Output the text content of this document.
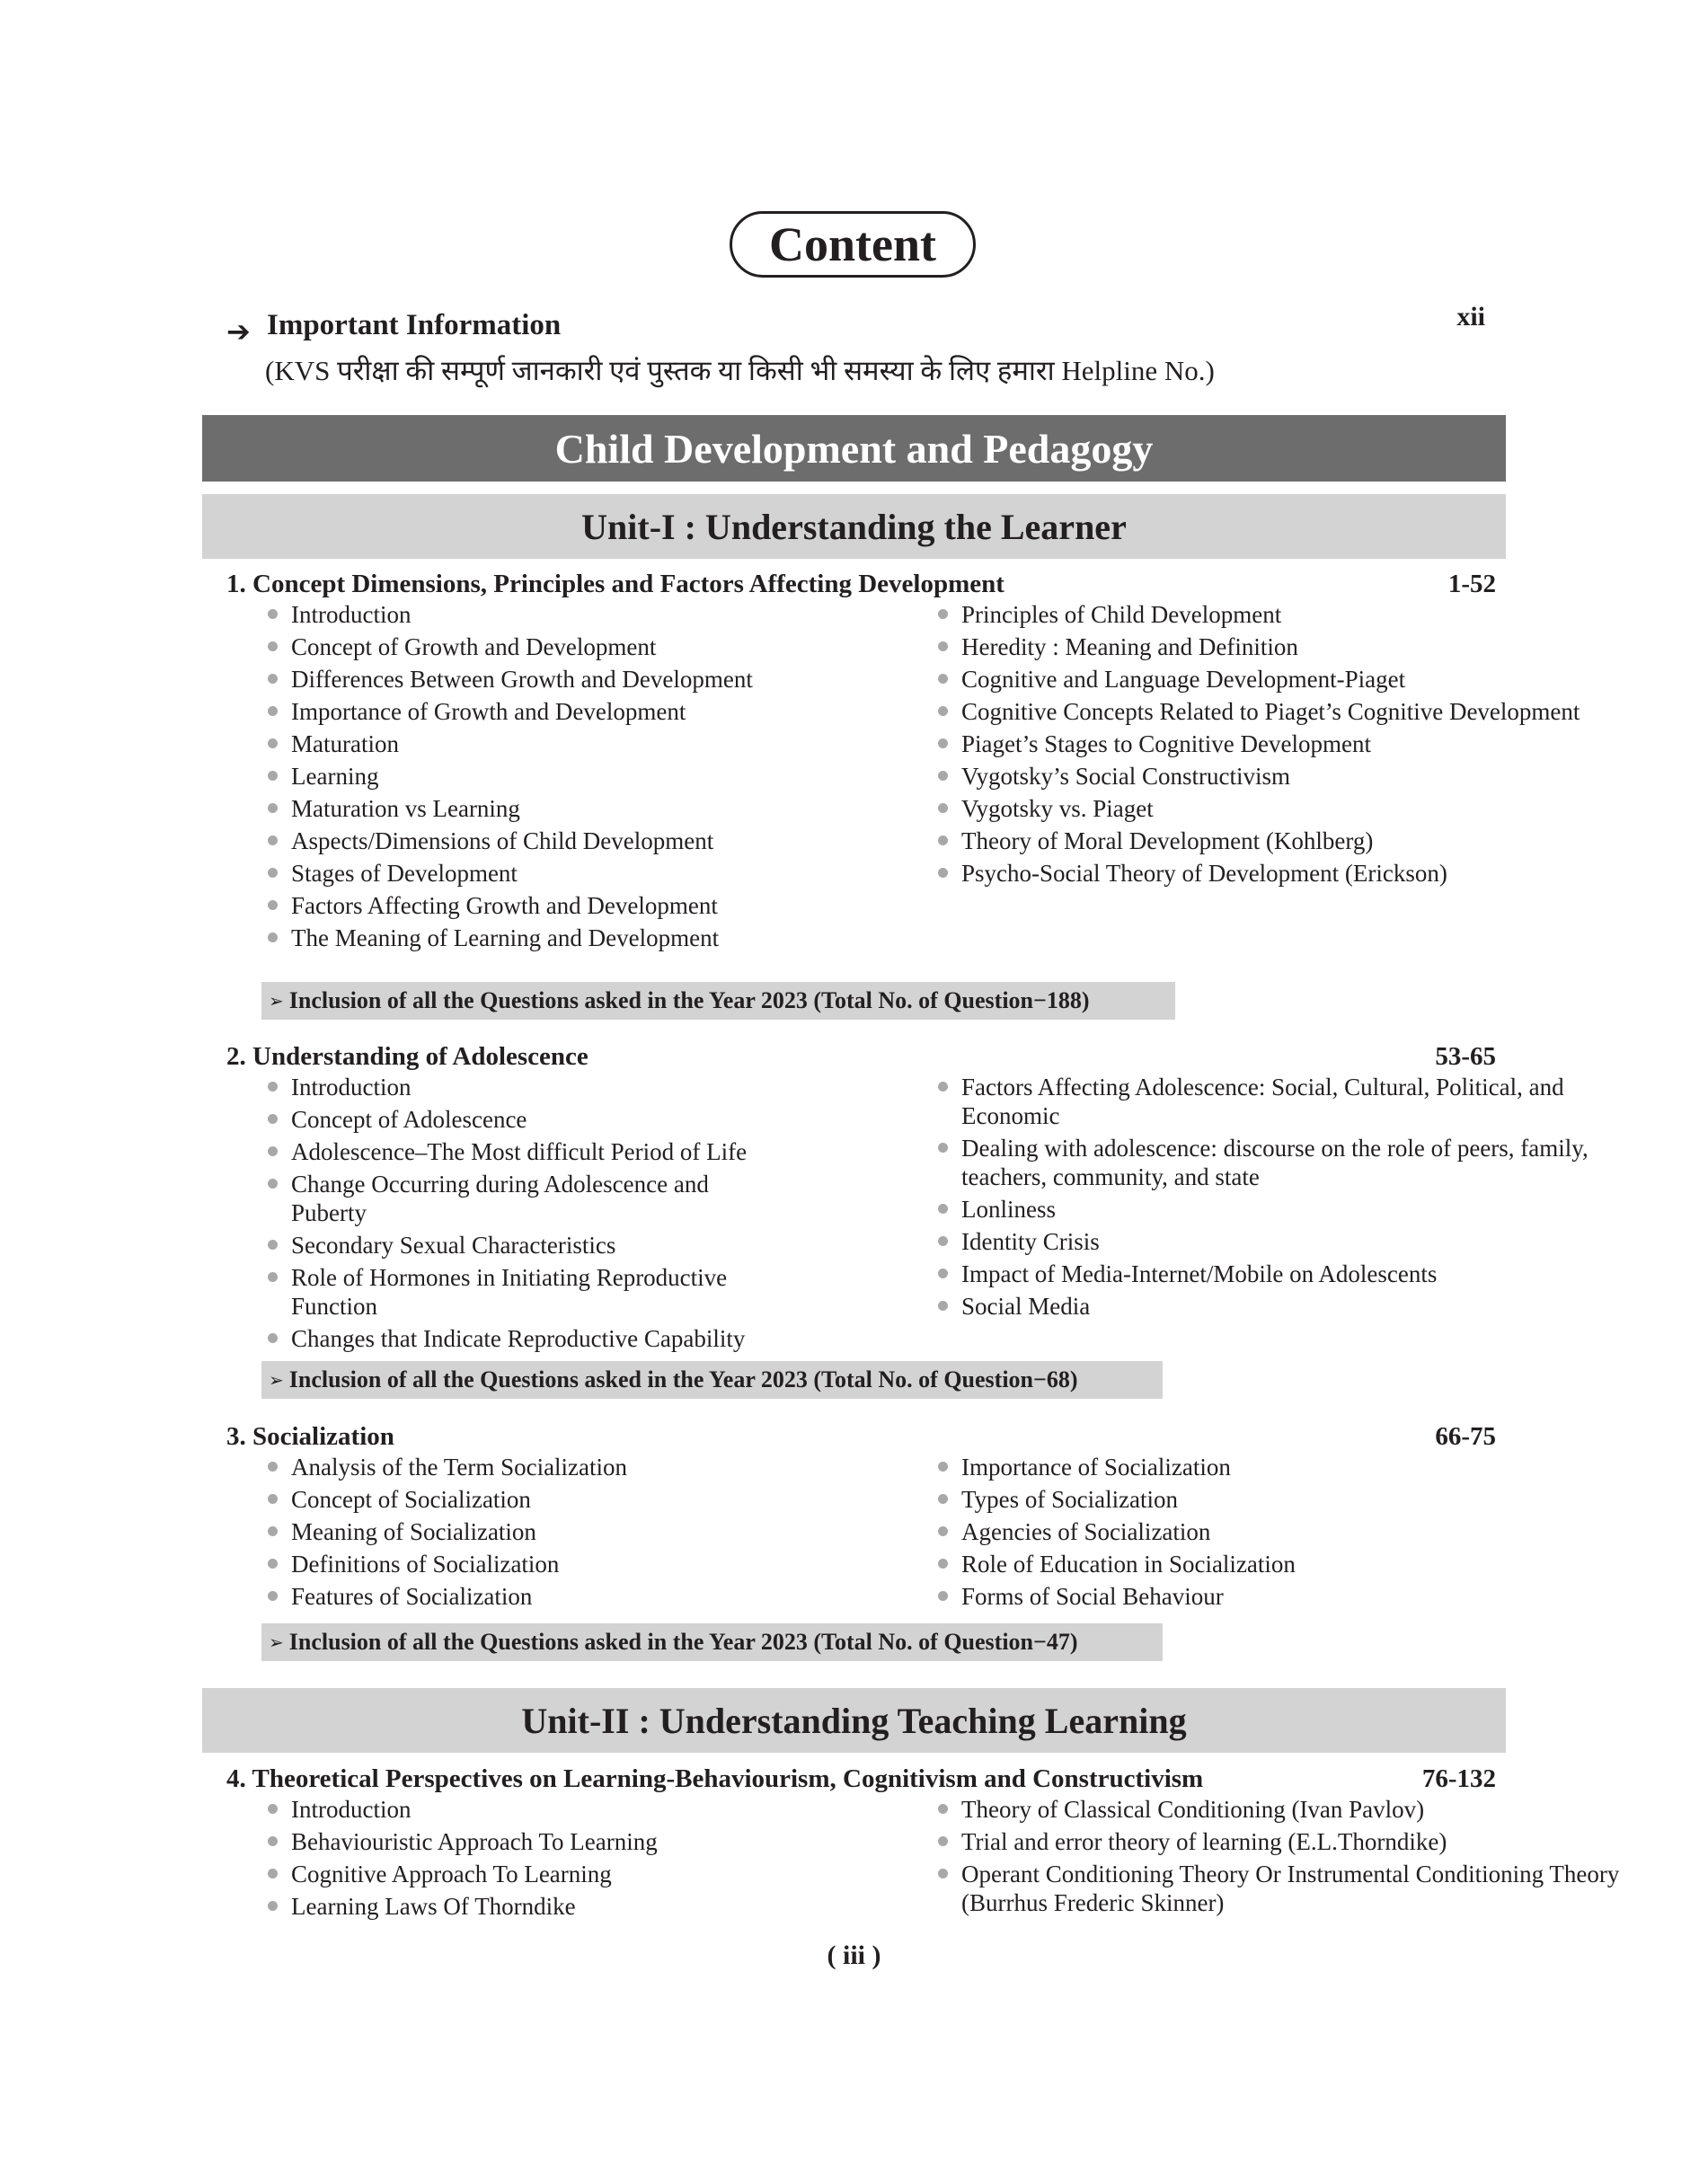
Content
➔ Important Information	xii
(KVS परीक्षा की सम्पूर्ण जानकारी एवं पुस्तक या किसी भी समस्या के लिए हमारा Helpline No.)
Child Development and Pedagogy
Unit-I : Understanding the Learner
1. Concept Dimensions, Principles and Factors Affecting Development	1-52
Introduction
Concept of Growth and Development
Differences Between Growth and Development
Importance of Growth and Development
Maturation
Learning
Maturation vs Learning
Aspects/Dimensions of Child Development
Stages of Development
Factors Affecting Growth and Development
The Meaning of Learning and Development
Principles of Child Development
Heredity : Meaning and Definition
Cognitive and Language Development-Piaget
Cognitive Concepts Related to Piaget’s Cognitive Development
Piaget’s Stages to Cognitive Development
Vygotsky’s Social Constructivism
Vygotsky vs. Piaget
Theory of Moral Development (Kohlberg)
Psycho-Social Theory of Development (Erickson)
➢ Inclusion of all the Questions asked in the Year 2023 (Total No. of Question−188)
2. Understanding of Adolescence	53-65
Introduction
Concept of Adolescence
Adolescence–The Most difficult Period of Life
Change Occurring during Adolescence and Puberty
Secondary Sexual Characteristics
Role of Hormones in Initiating Reproductive Function
Changes that Indicate Reproductive Capability
Factors Affecting Adolescence: Social, Cultural, Political, and Economic
Dealing with adolescence: discourse on the role of peers, family, teachers, community, and state
Lonliness
Identity Crisis
Impact of Media-Internet/Mobile on Adolescents
Social Media
➢ Inclusion of all the Questions asked in the Year 2023 (Total No. of Question−68)
3. Socialization	66-75
Analysis of the Term Socialization
Concept of Socialization
Meaning of Socialization
Definitions of Socialization
Features of Socialization
Importance of Socialization
Types of Socialization
Agencies of Socialization
Role of Education in Socialization
Forms of Social Behaviour
➢ Inclusion of all the Questions asked in the Year 2023 (Total No. of Question−47)
Unit-II : Understanding Teaching Learning
4. Theoretical Perspectives on Learning-Behaviourism, Cognitivism and Constructivism	76-132
Introduction
Behaviouristic Approach To Learning
Cognitive Approach To Learning
Learning Laws Of Thorndike
Theory of Classical Conditioning (Ivan Pavlov)
Trial and error theory of learning (E.L.Thorndike)
Operant Conditioning Theory Or Instrumental Conditioning Theory (Burrhus Frederic Skinner)
( iii )
